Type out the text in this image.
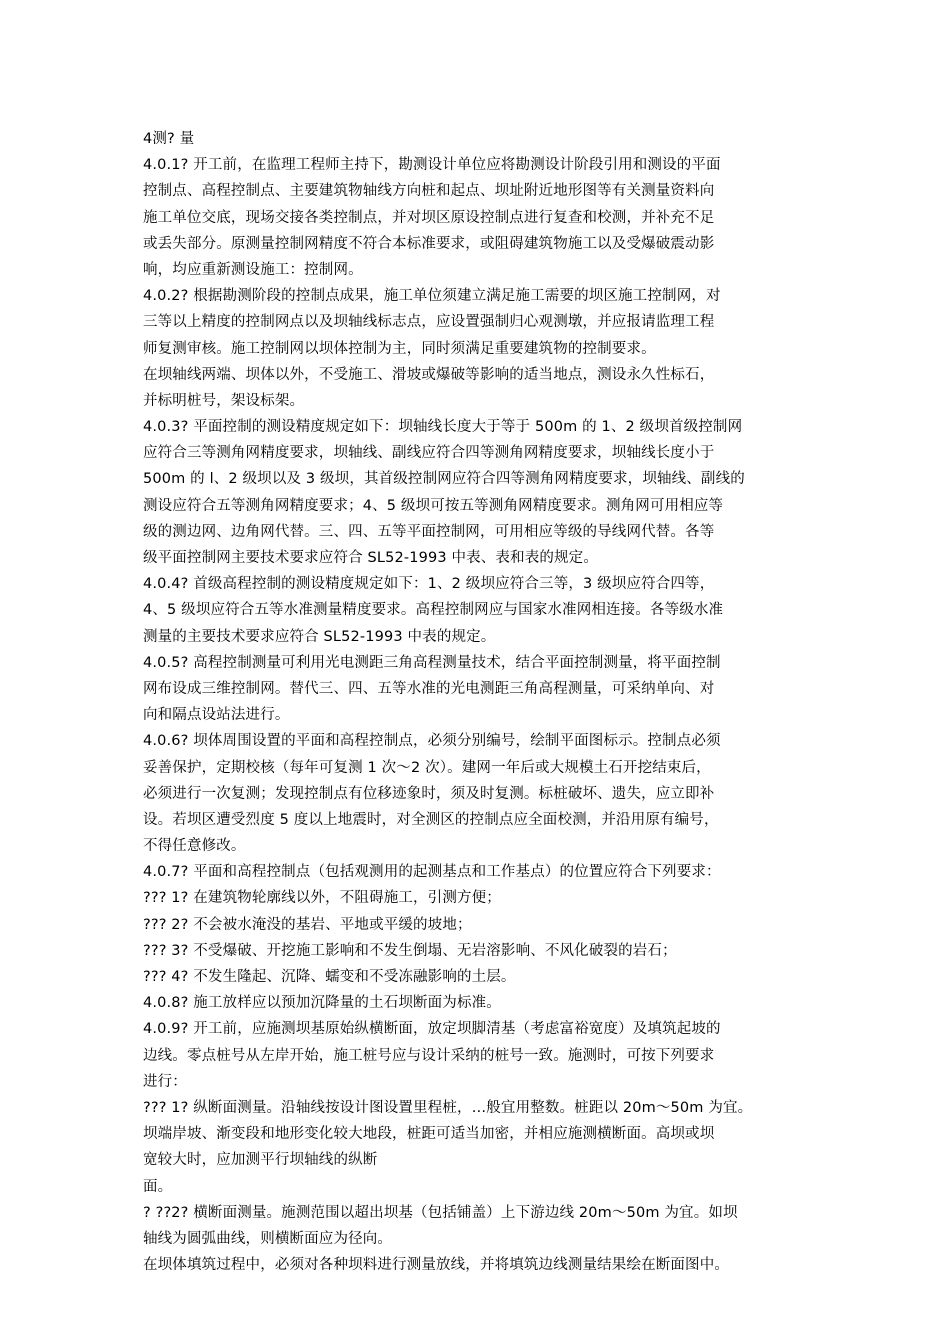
4测? 量
4.0.1? 开工前，在监理工程师主持下，勘测设计单位应将勘测设计阶段引用和测设的平面
控制点、高程控制点、主要建筑物轴线方向桩和起点、坝址附近地形图等有关测量资料向
施工单位交底，现场交接各类控制点，并对坝区原设控制点进行复查和校测，并补充不足
或丢失部分。原测量控制网精度不符合本标准要求，或阻碍建筑物施工以及受爆破震动影
响，均应重新测设施工：控制网。
4.0.2? 根据勘测阶段的控制点成果，施工单位须建立满足施工需要的坝区施工控制网，对
三等以上精度的控制网点以及坝轴线标志点，应设置强制归心观测墩，并应报请监理工程
师复测审核。施工控制网以坝体控制为主，同时须满足重要建筑物的控制要求。
在坝轴线两端、坝体以外，不受施工、滑坡或爆破等影响的适当地点，测设永久性标石，
并标明桩号，架设标架。
4.0.3? 平面控制的测设精度规定如下：坝轴线长度大于等于 500m 的 1、2 级坝首级控制网
应符合三等测角网精度要求，坝轴线、副线应符合四等测角网精度要求，坝轴线长度小于
500m 的 l、2 级坝以及 3 级坝，其首级控制网应符合四等测角网精度要求，坝轴线、副线的
测设应符合五等测角网精度要求；4、5 级坝可按五等测角网精度要求。测角网可用相应等
级的测边网、边角网代替。三、四、五等平面控制网，可用相应等级的导线网代替。各等
级平面控制网主要技术要求应符合 SL52-1993 中表、表和表的规定。
4.0.4? 首级高程控制的测设精度规定如下：1、2 级坝应符合三等，3 级坝应符合四等，
4、5 级坝应符合五等水准测量精度要求。高程控制网应与国家水准网相连接。各等级水准
测量的主要技术要求应符合 SL52-1993 中表的规定。
4.0.5? 高程控制测量可利用光电测距三角高程测量技术，结合平面控制测量，将平面控制
网布设成三维控制网。替代三、四、五等水准的光电测距三角高程测量，可采纳单向、对
向和隔点设站法进行。
4.0.6? 坝体周围设置的平面和高程控制点，必须分别编号，绘制平面图标示。控制点必须
妥善保护，定期校核（每年可复测 1 次～2 次）。建网一年后或大规模土石开挖结束后，
必须进行一次复测；发现控制点有位移迹象时，须及时复测。标桩破坏、遗失，应立即补
设。若坝区遭受烈度 5 度以上地震时，对全测区的控制点应全面校测，并沿用原有编号，
不得任意修改。
4.0.7? 平面和高程控制点（包括观测用的起测基点和工作基点）的位置应符合下列要求：
??? 1? 在建筑物轮廓线以外，不阻碍施工，引测方便；
??? 2? 不会被水淹没的基岩、平地或平缓的坡地；
??? 3? 不受爆破、开挖施工影响和不发生倒塌、无岩溶影响、不风化破裂的岩石；
??? 4? 不发生隆起、沉降、蠕变和不受冻融影响的土层。
4.0.8? 施工放样应以预加沉降量的土石坝断面为标准。
4.0.9? 开工前，应施测坝基原始纵横断面，放定坝脚清基（考虑富裕宽度）及填筑起坡的
边线。零点桩号从左岸开始，施工桩号应与设计采纳的桩号一致。施测时，可按下列要求
进行：
??? 1? 纵断面测量。沿轴线按设计图设置里程桩，…般宜用整数。桩距以 20m～50m 为宜。
坝端岸坡、渐变段和地形变化较大地段，桩距可适当加密，并相应施测横断面。高坝或坝
宽较大时，应加测平行坝轴线的纵断
面。
? ??2? 横断面测量。施测范围以超出坝基（包括铺盖）上下游边线 20m～50m 为宜。如坝
轴线为圆弧曲线，则横断面应为径向。
在坝体填筑过程中，必须对各种坝料进行测量放线，并将填筑边线测量结果绘在断面图中。
